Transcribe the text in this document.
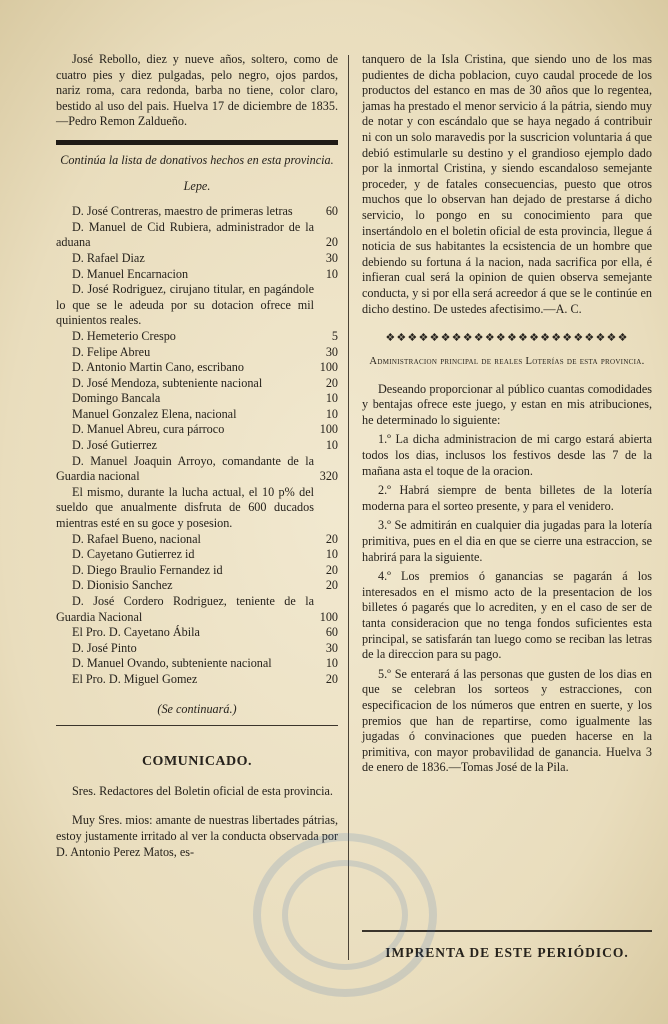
José Rebollo, diez y nueve años, soltero, como de cuatro pies y diez pulgadas, pelo negro, ojos pardos, nariz roma, cara redonda, barba no tiene, color claro, bestido al uso del pais. Huelva 17 de diciembre de 1835.—Pedro Remon Zaldueño.

Continúa la lista de donativos hechos en esta provincia.

Lepe.

D. José Contreras, maestro de primeras letras	60
D. Manuel de Cid Rubiera, administrador de la aduana	20
D. Rafael Diaz	30
D. Manuel Encarnacion	10
D. José Rodriguez, cirujano titular, en pagándole lo que se le adeuda por su dotacion ofrece mil quinientos reales.
D. Hemeterio Crespo	5
D. Felipe Abreu	30
D. Antonio Martin Cano, escribano	100
D. José Mendoza, subteniente nacional	20
Domingo Bancala	10
Manuel Gonzalez Elena, nacional	10
D. Manuel Abreu, cura párroco	100
D. José Gutierrez	10
D. Manuel Joaquin Arroyo, comandante de la Guardia nacional	320
El mismo, durante la lucha actual, el 10 p% del sueldo que anualmente disfruta de 600 ducados mientras esté en su goce y posesion.
D. Rafael Bueno, nacional	20
D. Cayetano Gutierrez id	10
D. Diego Braulio Fernandez id	20
D. Dionisio Sanchez	20
D. José Cordero Rodriguez, teniente de la Guardia Nacional	100
El Pro. D. Cayetano Ábila	60
D. José Pinto	30
D. Manuel Ovando, subteniente nacional	10
El Pro. D. Miguel Gomez	20

(Se continuará.)

COMUNICADO.

Sres. Redactores del Boletin oficial de esta provincia.

Muy Sres. mios: amante de nuestras libertades pátrias, estoy justamente irritado al ver la conducta observada por D. Antonio Perez Matos, es-

tanquero de la Isla Cristina, que siendo uno de los mas pudientes de dicha poblacion, cuyo caudal procede de los productos del estanco en mas de 30 años que lo regentea, jamas ha prestado el menor servicio á la pátria, siendo muy de notar y con escándalo que se haya negado á contribuir ni con un solo maravedis por la suscricion voluntaria á que debió estimularle su destino y el grandioso ejemplo dado por la inmortal Cristina, y siendo escandaloso semejante proceder, y de fatales consecuencias, puesto que otros muchos que lo observan han dejado de prestarse á dicho servicio, lo pongo en su conocimiento para que insertándolo en el boletin oficial de esta provincia, llegue á noticia de sus habitantes la ecsistencia de un hombre que debiendo su fortuna á la nacion, nada sacrifica por ella, é infieran cual será la opinion de quien observa semejante conducta, y si por ella será acreedor á que se le continúe en dicho destino. De ustedes afectisimo.—A. C.

❖❖❖❖❖❖❖❖❖❖❖❖❖❖❖❖❖❖❖❖❖❖

Administracion principal de reales Loterías de esta provincia.

Deseando proporcionar al público cuantas comodidades y bentajas ofrece este juego, y estan en mis atribuciones, he determinado lo siguiente:

1.º La dicha administracion de mi cargo estará abierta todos los dias, inclusos los festivos desde las 7 de la mañana asta el toque de la oracion.

2.º Habrá siempre de benta billetes de la lotería moderna para el sorteo presente, y para el venidero.

3.º Se admitirán en cualquier dia jugadas para la lotería primitiva, pues en el dia en que se cierre una estraccion, se habrirá para la siguiente.

4.º Los premios ó ganancias se pagarán á los interesados en el mismo acto de la presentacion de los billetes ó pagarés que lo acrediten, y en el caso de ser de tanta consideracion que no tenga fondos suficientes esta principal, se satisfarán tan luego como se reciban las letras de la direccion para su pago.

5.º Se enterará á las personas que gusten de los dias en que se celebran los sorteos y estracciones, con especificacion de los números que entren en suerte, y los premios que han de repartirse, como igualmente las jugadas ó convinaciones que pueden hacerse en la primitiva, con mayor probavilidad de ganancia. Huelva 3 de enero de 1836.—Tomas José de la Pila.

IMPRENTA DE ESTE PERIÓDICO.
